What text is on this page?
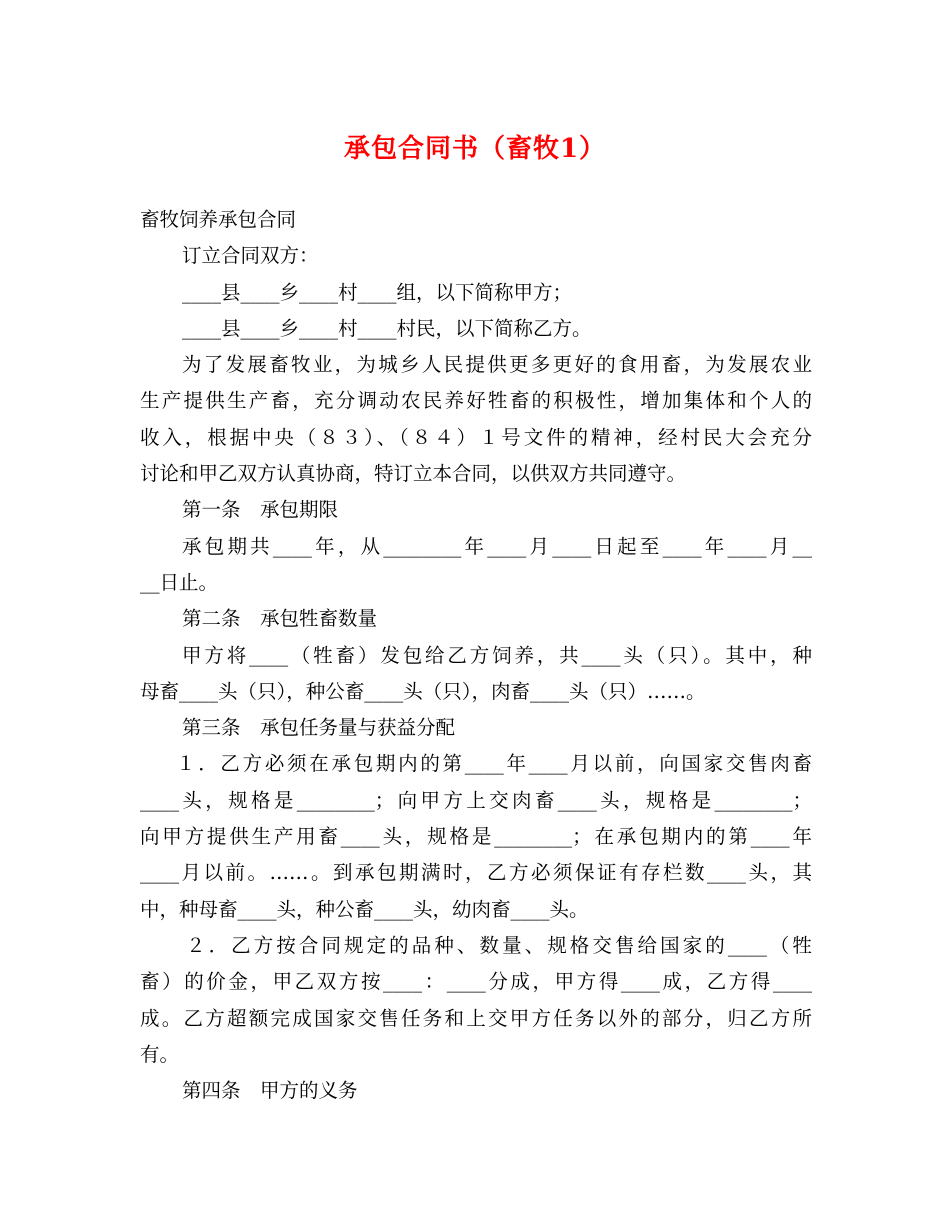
承包合同书（畜牧1）

畜牧饲养承包合同

订立合同双方：

____县____乡____村____组，以下简称甲方；

____县____乡____村____村民，以下简称乙方。

为了发展畜牧业，为城乡人民提供更多更好的食用畜，为发展农业

生产提供生产畜，充分调动农民养好牲畜的积极性，增加集体和个人的

收入，根据中央（８３）、（８４）１号文件的精神，经村民大会充分

讨论和甲乙双方认真协商，特订立本合同，以供双方共同遵守。

第一条　承包期限

承包期共____年，从________年____月____日起至____年____月__

__日止。

第二条　承包牲畜数量

甲方将____（牲畜）发包给乙方饲养，共____头（只）。其中，种

母畜____头（只），种公畜____头（只），肉畜____头（只）……。

第三条　承包任务量与获益分配

１．乙方必须在承包期内的第____年____月以前，向国家交售肉畜

____头，规格是________；向甲方上交肉畜____头，规格是________；

向甲方提供生产用畜____头，规格是________；在承包期内的第____年

____月以前。……。到承包期满时，乙方必须保证有存栏数____头，其

中，种母畜____头，种公畜____头，幼肉畜____头。

２．乙方按合同规定的品种、数量、规格交售给国家的____（牲

畜）的价金，甲乙双方按____：____分成，甲方得____成，乙方得____

成。乙方超额完成国家交售任务和上交甲方任务以外的部分，归乙方所

有。

第四条　甲方的义务
